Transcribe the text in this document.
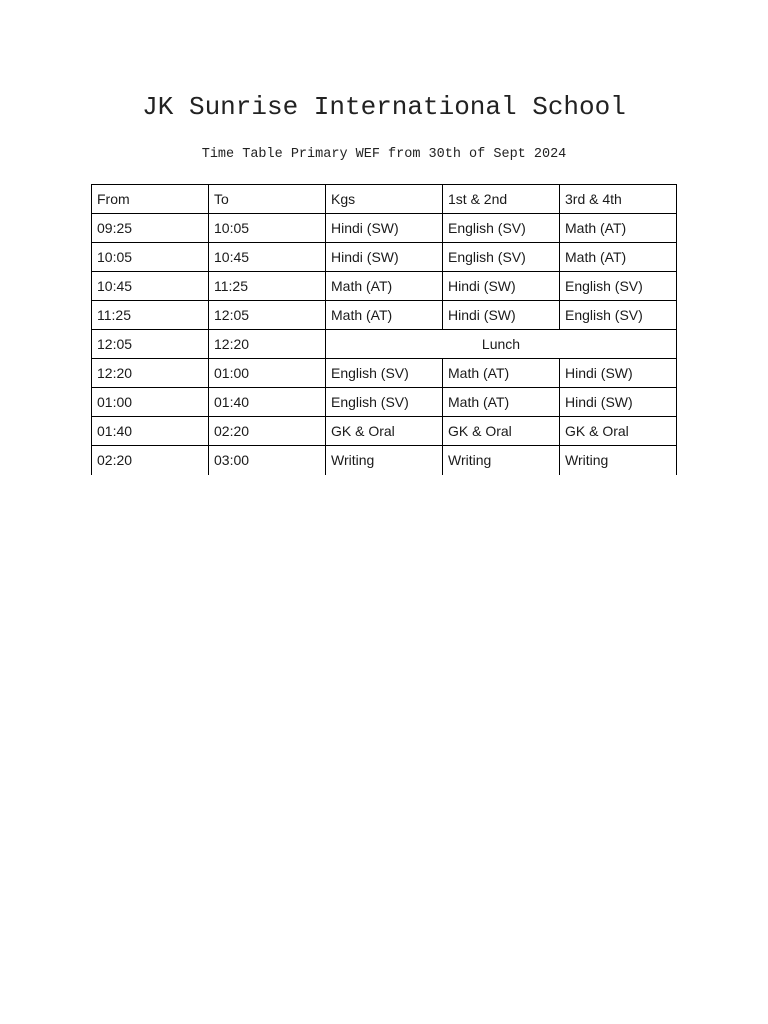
JK Sunrise International School
Time Table Primary WEF from 30th of Sept 2024
From	To	Kgs	1st & 2nd	3rd & 4th
09:25	10:05	Hindi (SW)	English (SV)	Math (AT)
10:05	10:45	Hindi (SW)	English (SV)	Math (AT)
10:45	11:25	Math (AT)	Hindi (SW)	English (SV)
11:25	12:05	Math (AT)	Hindi (SW)	English (SV)
12:05	12:20	Lunch		
12:20	01:00	English (SV)	Math (AT)	Hindi (SW)
01:00	01:40	English (SV)	Math (AT)	Hindi (SW)
01:40	02:20	GK & Oral	GK & Oral	GK & Oral
02:20	03:00	Writing	Writing	Writing
